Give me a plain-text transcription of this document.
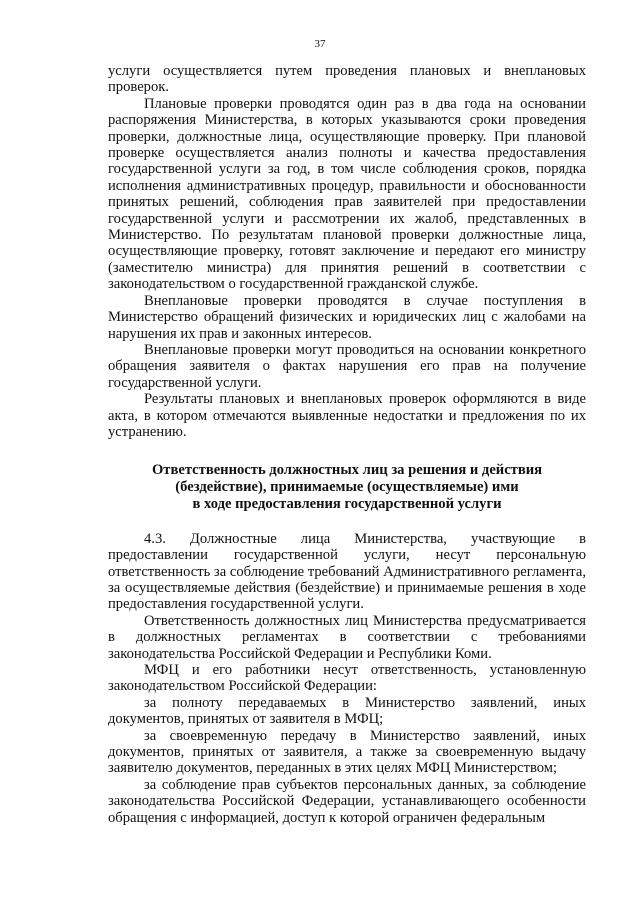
37

услуги осуществляется путем проведения плановых и внеплановых проверок.

Плановые проверки проводятся один раз в два года на основании распоряжения Министерства, в которых указываются сроки проведения проверки, должностные лица, осуществляющие проверку. При плановой проверке осуществляется анализ полноты и качества предоставления государственной услуги за год, в том числе соблюдения сроков, порядка исполнения административных процедур, правильности и обоснованности принятых решений, соблюдения прав заявителей при предоставлении государственной услуги и рассмотрении их жалоб, представленных в Министерство. По результатам плановой проверки должностные лица, осуществляющие проверку, готовят заключение и передают его министру (заместителю министра) для принятия решений в соответствии с законодательством о государственной гражданской службе.

Внеплановые проверки проводятся в случае поступления в Министерство обращений физических и юридических лиц с жалобами на нарушения их прав и законных интересов.

Внеплановые проверки могут проводиться на основании конкретного обращения заявителя о фактах нарушения его прав на получение государственной услуги.

Результаты плановых и внеплановых проверок оформляются в виде акта, в котором отмечаются выявленные недостатки и предложения по их устранению.

Ответственность должностных лиц за решения и действия
(бездействие), принимаемые (осуществляемые) ими
в ходе предоставления государственной услуги

4.3. Должностные лица Министерства, участвующие в предоставлении государственной услуги, несут персональную ответственность за соблюдение требований Административного регламента, за осуществляемые действия (бездействие) и принимаемые решения в ходе предоставления государственной услуги.

Ответственность должностных лиц Министерства предусматривается в должностных регламентах в соответствии с требованиями законодательства Российской Федерации и Республики Коми.

МФЦ и его работники несут ответственность, установленную законодательством Российской Федерации:

за полноту передаваемых в Министерство заявлений, иных документов, принятых от заявителя в МФЦ;

за своевременную передачу в Министерство заявлений, иных документов, принятых от заявителя, а также за своевременную выдачу заявителю документов, переданных в этих целях МФЦ Министерством;

за соблюдение прав субъектов персональных данных, за соблюдение законодательства Российской Федерации, устанавливающего особенности обращения с информацией, доступ к которой ограничен федеральным
